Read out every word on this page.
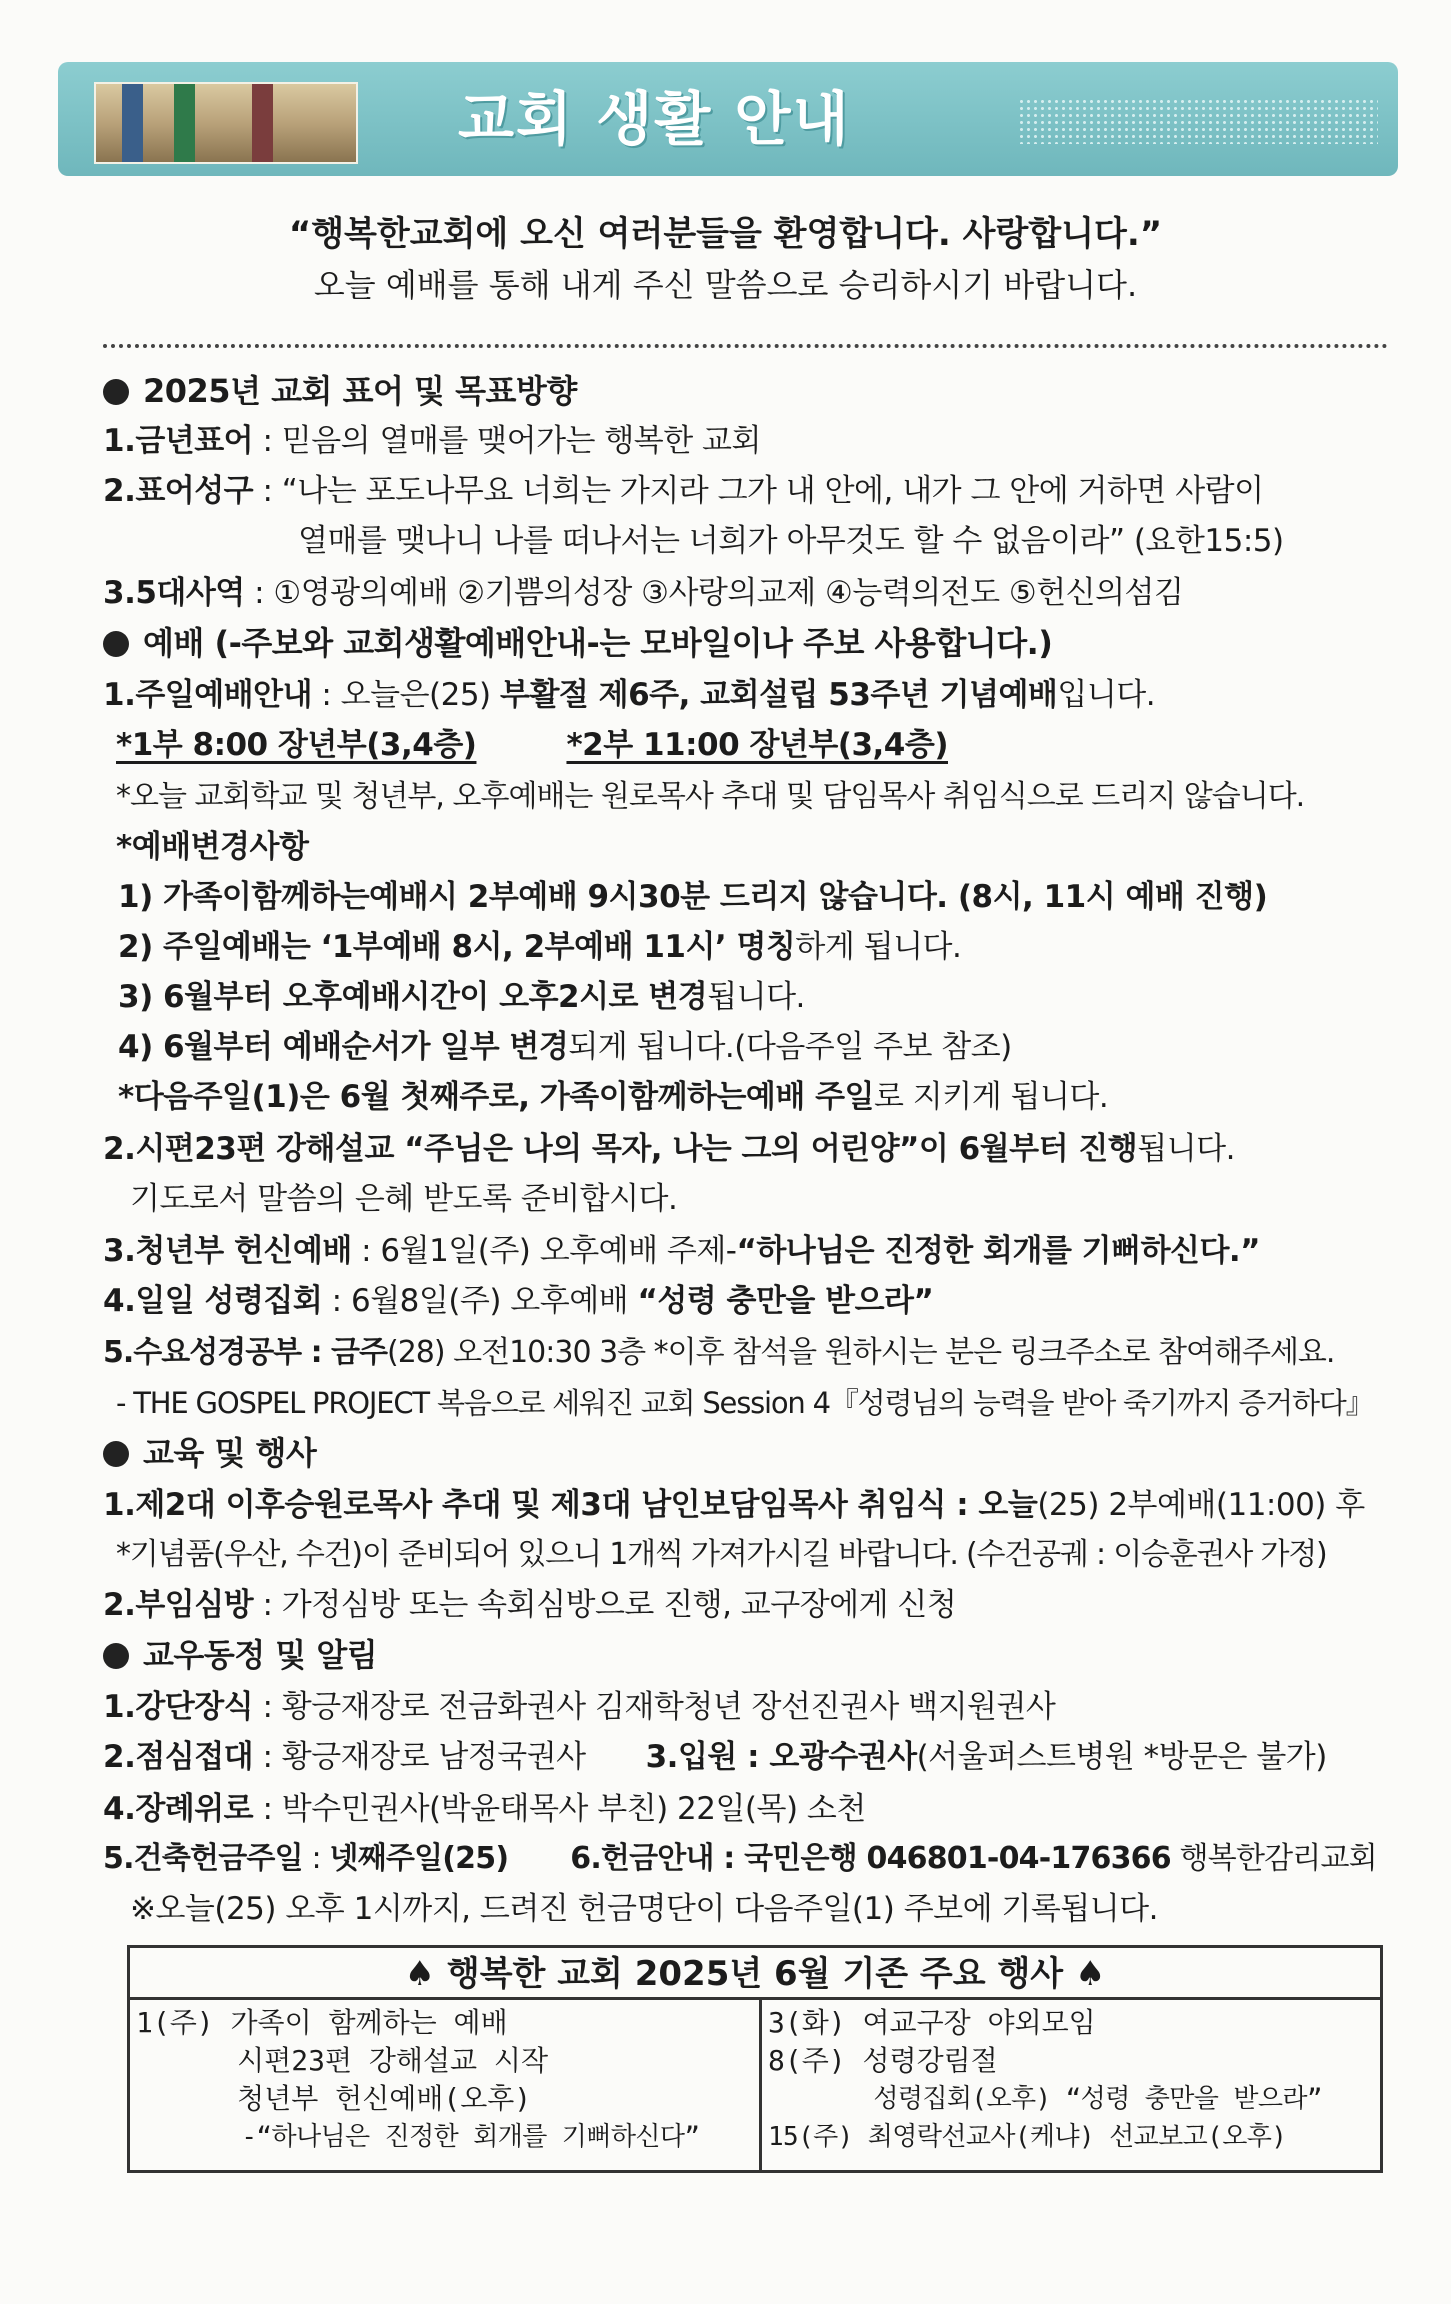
교회 생활 안내
“행복한교회에 오신 여러분들을 환영합니다. 사랑합니다.”
오늘 예배를 통해 내게 주신 말씀으로 승리하시기 바랍니다.
2025년 교회 표어 및 목표방향
1.금년표어 : 믿음의 열매를 맺어가는 행복한 교회
2.표어성구 : “나는 포도나무요 너희는 가지라 그가 내 안에, 내가 그 안에 거하면 사람이
열매를 맺나니 나를 떠나서는 너희가 아무것도 할 수 없음이라” (요한15:5)
3.5대사역 : ①영광의예배 ②기쁨의성장 ③사랑의교제 ④능력의전도 ⑤헌신의섬김
예배 (-주보와 교회생활예배안내-는 모바일이나 주보 사용합니다.)
1.주일예배안내 : 오늘은(25) 부활절 제6주, 교회설립 53주년 기념예배입니다.
*1부 8:00 장년부(3,4층)	*2부 11:00 장년부(3,4층)
*오늘 교회학교 및 청년부, 오후예배는 원로목사 추대 및 담임목사 취임식으로 드리지 않습니다.
*예배변경사항
1) 가족이함께하는예배시 2부예배 9시30분 드리지 않습니다. (8시, 11시 예배 진행)
2) 주일예배는 ‘1부예배 8시, 2부예배 11시’ 명칭하게 됩니다.
3) 6월부터 오후예배시간이 오후2시로 변경됩니다.
4) 6월부터 예배순서가 일부 변경되게 됩니다.(다음주일 주보 참조)
*다음주일(1)은 6월 첫째주로, 가족이함께하는예배 주일로 지키게 됩니다.
2.시편23편 강해설교 “주님은 나의 목자, 나는 그의 어린양”이 6월부터 진행됩니다.
기도로서 말씀의 은혜 받도록 준비합시다.
3.청년부 헌신예배 : 6월1일(주) 오후예배 주제-“하나님은 진정한 회개를 기뻐하신다.”
4.일일 성령집회 : 6월8일(주) 오후예배 “성령 충만을 받으라”
5.수요성경공부 : 금주(28) 오전10:30 3층 *이후 참석을 원하시는 분은 링크주소로 참여해주세요.
- THE GOSPEL PROJECT 복음으로 세워진 교회 Session 4『성령님의 능력을 받아 죽기까지 증거하다』
교육 및 행사
1.제2대 이후승원로목사 추대 및 제3대 남인보담임목사 취임식 : 오늘(25) 2부예배(11:00) 후
*기념품(우산, 수건)이 준비되어 있으니 1개씩 가져가시길 바랍니다. (수건공궤 : 이승훈권사 가정)
2.부임심방 : 가정심방 또는 속회심방으로 진행, 교구장에게 신청
교우동정 및 알림
1.강단장식 : 황긍재장로 전금화권사 김재학청년 장선진권사 백지원권사
2.점심접대 : 황긍재장로 남정국권사 3.입원 : 오광수권사(서울퍼스트병원 *방문은 불가)
4.장례위로 : 박수민권사(박윤태목사 부친) 22일(목) 소천
5.건축헌금주일 : 넷째주일(25) 6.헌금안내 : 국민은행 046801-04-176366 행복한감리교회
※오늘(25) 오후 1시까지, 드려진 헌금명단이 다음주일(1) 주보에 기록됩니다.
♠ 행복한 교회 2025년 6월 기존 주요 행사 ♠
1(주) 가족이 함께하는 예배
시편23편 강해설교 시작
청년부 헌신예배(오후)
-“하나님은 진정한 회개를 기뻐하신다”
3(화) 여교구장 야외모임
8(주) 성령강림절
성령집회(오후) “성령 충만을 받으라”
15(주) 최영락선교사(케냐) 선교보고(오후)
